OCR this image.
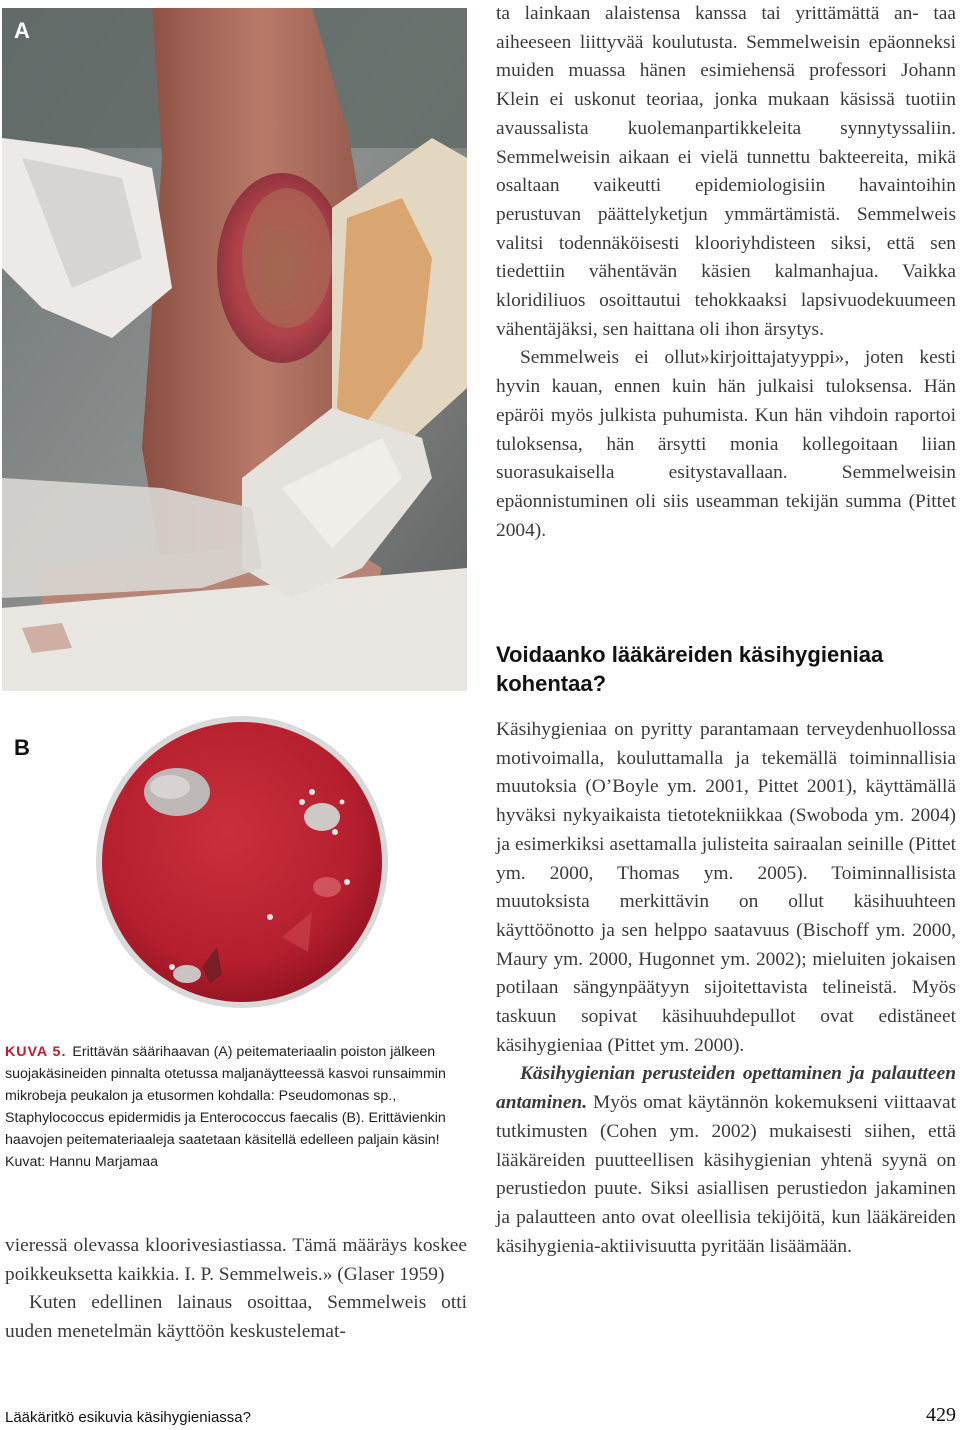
A
B
KUVA 5. Erittävän säärihaavan (A) peitemateriaalin poiston jälkeen suojakäsineiden pinnalta otetussa maljanäytteessä kasvoi runsaimmin mikrobeja peukalon ja etusormen kohdalla: Pseudomonas sp., Staphylococcus epidermidis ja Enterococcus faecalis (B). Erittävienkin haavojen peitemateriaaleja saatetaan käsitellä edelleen paljain käsin! Kuvat: Hannu Marjamaa

vieressä olevassa kloorivesiastiassa. Tämä määräys koskee poikkeuksetta kaikkia. I. P. Semmelweis.» (Glaser 1959)

Kuten edellinen lainaus osoittaa, Semmelweis otti uuden menetelmän käyttöön keskustelemat-

ta lainkaan alaistensa kanssa tai yrittämättä an- taa aiheeseen liittyvää koulutusta. Semmelweisin epäonneksi muiden muassa hänen esimiehensä professori Johann Klein ei uskonut teoriaa, jonka mukaan käsissä tuotiin avaussalista kuolemanpartikkeleita synnytyssaliin. Semmelweisin aikaan ei vielä tunnettu bakteereita, mikä osaltaan vaikeutti epidemiologisiin havaintoihin perustuvan päättelyketjun ymmärtämistä. Semmelweis valitsi todennäköisesti klooriyhdisteen siksi, että sen tiedettiin vähentävän käsien kalmanhajua. Vaikka kloridiliuos osoittautui tehokkaaksi lapsivuodekuumeen vähentäjäksi, sen haittana oli ihon ärsytys.

Semmelweis ei ollut»kirjoittajatyyppi», joten kesti hyvin kauan, ennen kuin hän julkaisi tuloksensa. Hän epäröi myös julkista puhumista. Kun hän vihdoin raportoi tuloksensa, hän ärsytti monia kollegoitaan liian suorasukaisella esitystavallaan. Semmelweisin epäonnistuminen oli siis useamman tekijän summa (Pittet 2004).

Voidaanko lääkäreiden käsihygieniaa kohentaa?

Käsihygieniaa on pyritty parantamaan terveydenhuollossa motivoimalla, kouluttamalla ja tekemällä toiminnallisia muutoksia (O’Boyle ym. 2001, Pittet 2001), käyttämällä hyväksi nykyaikaista tietotekniikkaa (Swoboda ym. 2004) ja esimerkiksi asettamalla julisteita sairaalan seinille (Pittet ym. 2000, Thomas ym. 2005). Toiminnallisista muutoksista merkittävin on ollut käsihuuhteen käyttöönotto ja sen helppo saatavuus (Bischoff ym. 2000, Maury ym. 2000, Hugonnet ym. 2002); mieluiten jokaisen potilaan sängynpäätyyn sijoitettavista telineistä. Myös taskuun sopivat käsihuuhdepullot ovat edistäneet käsihygieniaa (Pittet ym. 2000).

Käsihygienian perusteiden opettaminen ja palautteen antaminen. Myös omat käytännön kokemukseni viittaavat tutkimusten (Cohen ym. 2002) mukaisesti siihen, että lääkäreiden puutteellisen käsihygienian yhtenä syynä on perustiedon puute. Siksi asiallisen perustiedon jakaminen ja palautteen anto ovat oleellisia tekijöitä, kun lääkäreiden käsihygienia-aktiivisuutta pyritään lisäämään.

Lääkäritkö esikuvia käsihygieniassa?	429
